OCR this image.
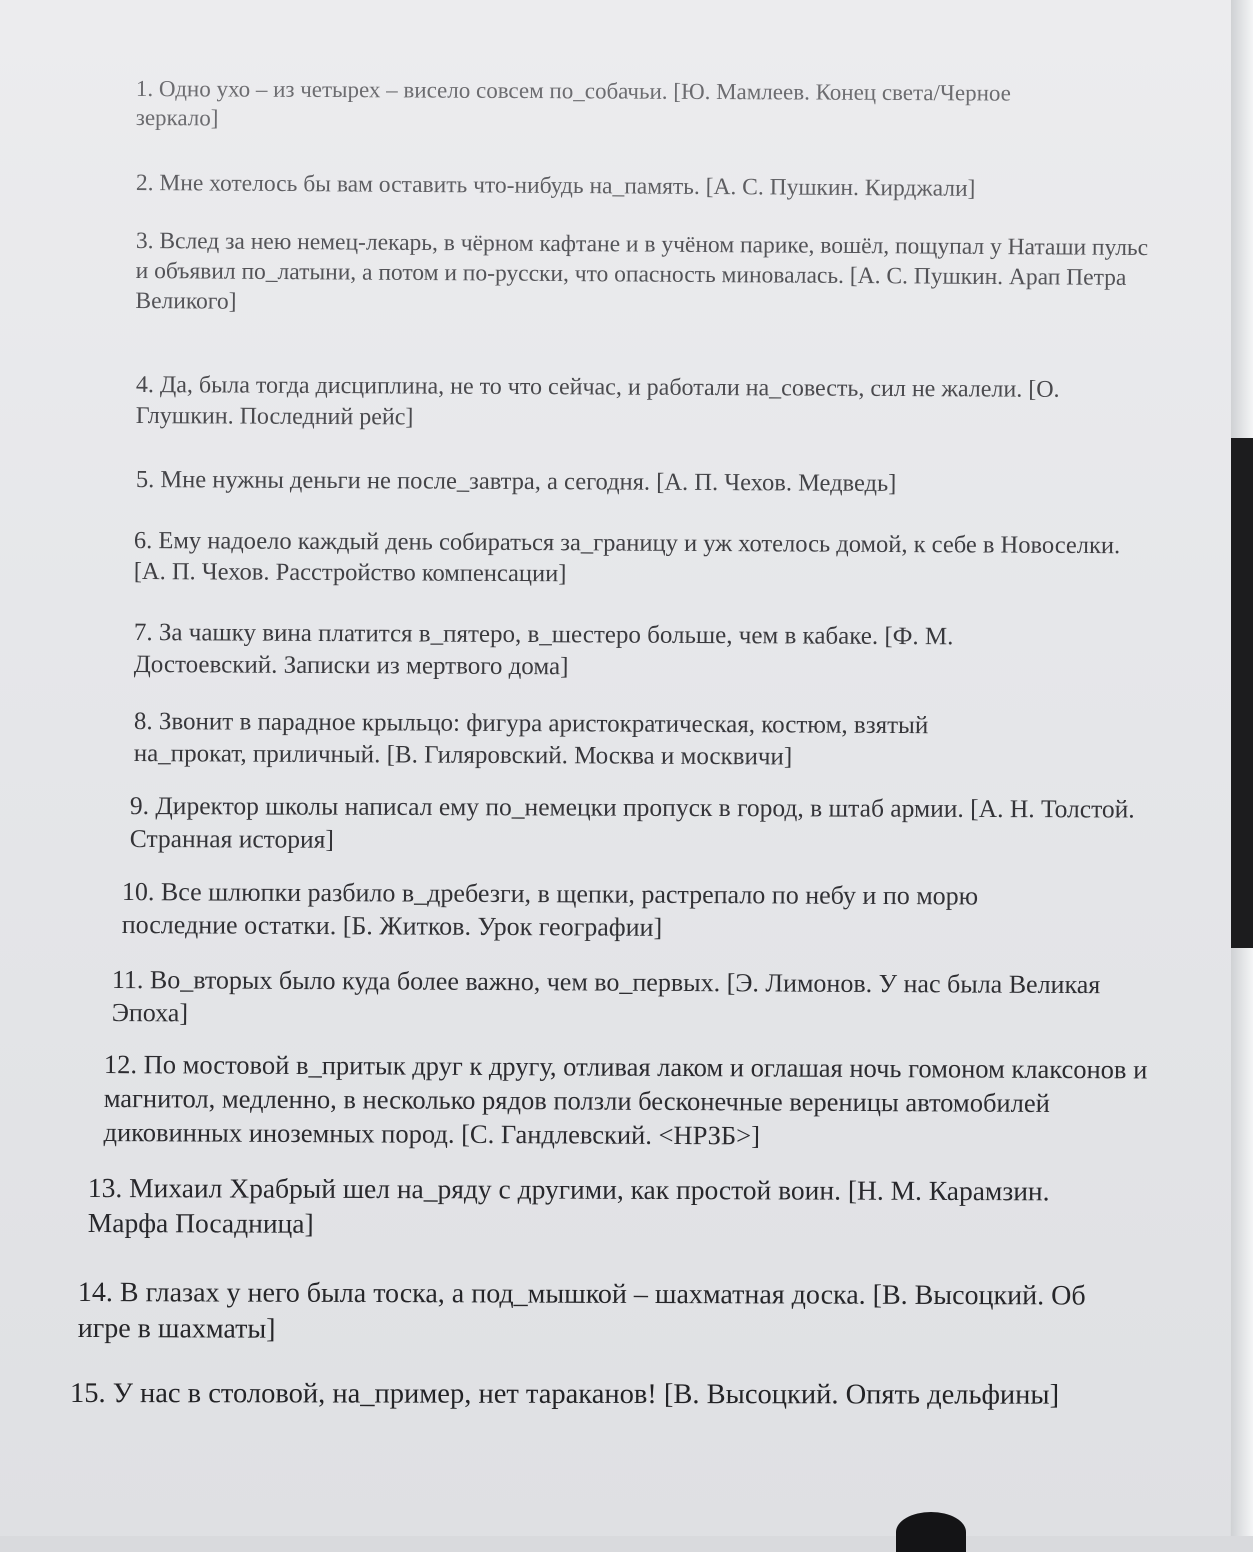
1. Одно ухо – из четырех – висело совсем по_собачьи. [Ю. Мамлеев. Конец света/Черное зеркало]

2. Мне хотелось бы вам оставить что-нибудь на_память. [А. С. Пушкин. Кирджали]

3. Вслед за нею немец-лекарь, в чёрном кафтане и в учёном парике, вошёл, пощупал у Наташи пульс и объявил по_латыни, а потом и по-русски, что опасность миновалась. [А. С. Пушкин. Арап Петра Великого]

4. Да, была тогда дисциплина, не то что сейчас, и работали на_совесть, сил не жалели. [О. Глушкин. Последний рейс]

5. Мне нужны деньги не после_завтра, а сегодня. [А. П. Чехов. Медведь]

6. Ему надоело каждый день собираться за_границу и уж хотелось домой, к себе в Новоселки. [А. П. Чехов. Расстройство компенсации]

7. За чашку вина платится в_пятеро, в_шестеро больше, чем в кабаке. [Ф. М. Достоевский. Записки из мертвого дома]

8. Звонит в парадное крыльцо: фигура аристократическая, костюм, взятый на_прокат, приличный. [В. Гиляровский. Москва и москвичи]

9. Директор школы написал ему по_немецки пропуск в город, в штаб армии. [А. Н. Толстой. Странная история]

10. Все шлюпки разбило в_дребезги, в щепки, растрепало по небу и по морю последние остатки. [Б. Житков. Урок географии]

11. Во_вторых было куда более важно, чем во_первых. [Э. Лимонов. У нас была Великая Эпоха]

12. По мостовой в_притык друг к другу, отливая лаком и оглашая ночь гомоном клаксонов и магнитол, медленно, в несколько рядов ползли бесконечные вереницы автомобилей диковинных иноземных пород. [С. Гандлевский. <НРЗБ>]

13. Михаил Храбрый шел на_ряду с другими, как простой воин. [Н. М. Карамзин. Марфа Посадница]

14. В глазах у него была тоска, а под_мышкой – шахматная доска. [В. Высоцкий. Об игре в шахматы]

15. У нас в столовой, на_пример, нет тараканов! [В. Высоцкий. Опять дельфины]
